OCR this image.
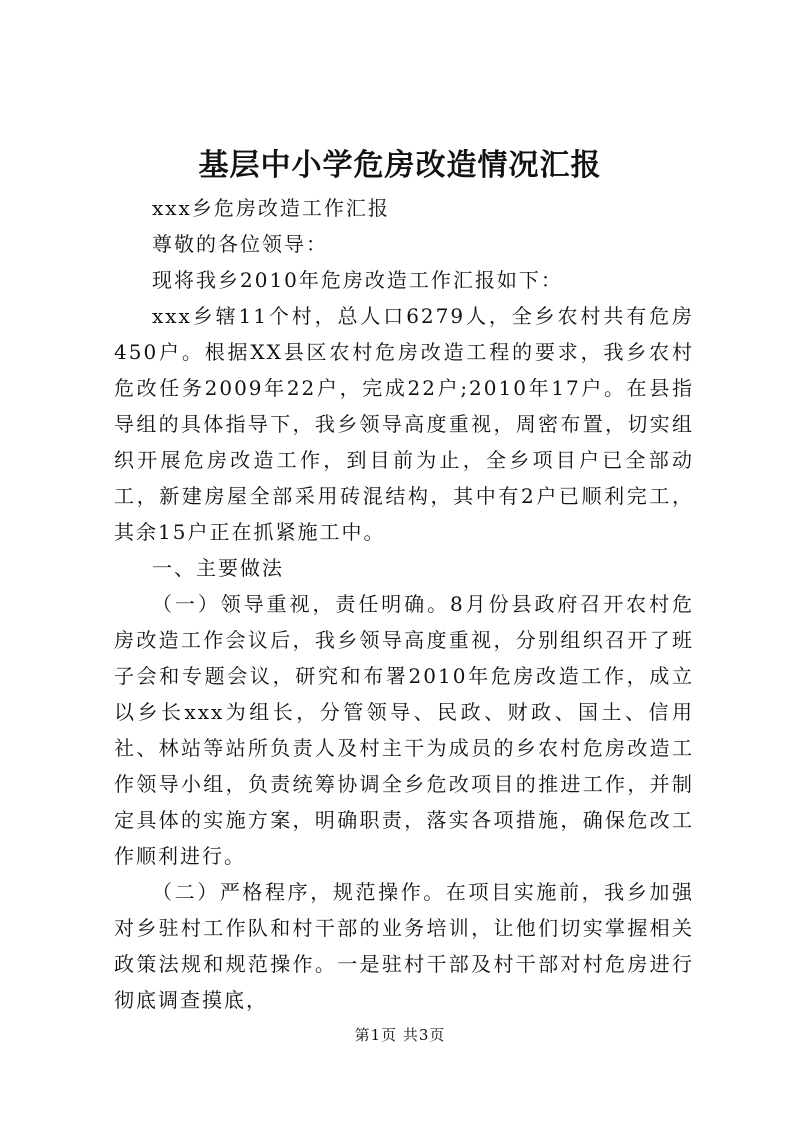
基层中小学危房改造情况汇报

xxx乡危房改造工作汇报

尊敬的各位领导：

现将我乡2010年危房改造工作汇报如下：

xxx乡辖11个村，总人口6279人，全乡农村共有危房450户。根据XX县区农村危房改造工程的要求，我乡农村危改任务2009年22户，完成22户;2010年17户。在县指导组的具体指导下，我乡领导高度重视，周密布置，切实组织开展危房改造工作，到目前为止，全乡项目户已全部动工，新建房屋全部采用砖混结构，其中有2户已顺利完工，其余15户正在抓紧施工中。

一、主要做法

（一）领导重视，责任明确。8月份县政府召开农村危房改造工作会议后，我乡领导高度重视，分别组织召开了班子会和专题会议，研究和布署2010年危房改造工作，成立以乡长xxx为组长，分管领导、民政、财政、国土、信用社、林站等站所负责人及村主干为成员的乡农村危房改造工作领导小组，负责统筹协调全乡危改项目的推进工作，并制定具体的实施方案，明确职责，落实各项措施，确保危改工作顺利进行。

（二）严格程序，规范操作。在项目实施前，我乡加强对乡驻村工作队和村干部的业务培训，让他们切实掌握相关政策法规和规范操作。一是驻村干部及村干部对村危房进行彻底调查摸底，

第1页 共3页
